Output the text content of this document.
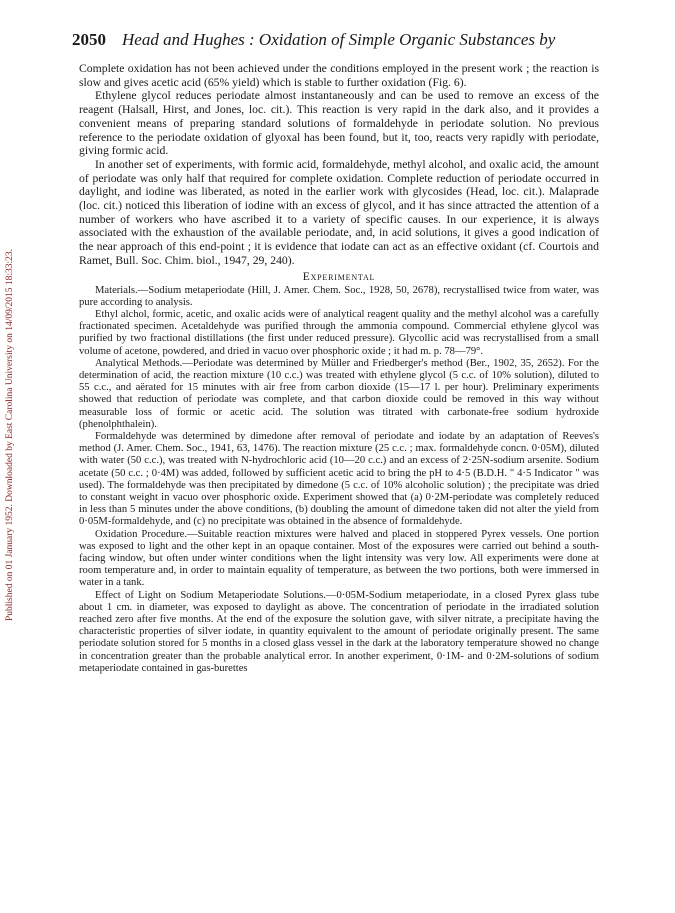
Published on 01 January 1952. Downloaded by East Carolina University on 14/09/2015 18:33:23.
2050 Head and Hughes : Oxidation of Simple Organic Substances by

Complete oxidation has not been achieved under the conditions employed in the present work ; the reaction is slow and gives acetic acid (65% yield) which is stable to further oxidation (Fig. 6).

Ethylene glycol reduces periodate almost instantaneously and can be used to remove an excess of the reagent (Halsall, Hirst, and Jones, loc. cit.). This reaction is very rapid in the dark also, and it provides a convenient means of preparing standard solutions of formaldehyde in periodate solution. No previous reference to the periodate oxidation of glyoxal has been found, but it, too, reacts very rapidly with periodate, giving formic acid.

In another set of experiments, with formic acid, formaldehyde, methyl alcohol, and oxalic acid, the amount of periodate was only half that required for complete oxidation. Complete reduction of periodate occurred in daylight, and iodine was liberated, as noted in the earlier work with glycosides (Head, loc. cit.). Malaprade (loc. cit.) noticed this liberation of iodine with an excess of glycol, and it has since attracted the attention of a number of workers who have ascribed it to a variety of specific causes. In our experience, it is always associated with the exhaustion of the available periodate, and, in acid solutions, it gives a good indication of the near approach of this end-point ; it is evidence that iodate can act as an effective oxidant (cf. Courtois and Ramet, Bull. Soc. Chim. biol., 1947, 29, 240).

Experimental

Materials.—Sodium metaperiodate (Hill, J. Amer. Chem. Soc., 1928, 50, 2678), recrystallised twice from water, was pure according to analysis.

Ethyl alchol, formic, acetic, and oxalic acids were of analytical reagent quality and the methyl alcohol was a carefully fractionated specimen. Acetaldehyde was purified through the ammonia compound. Commercial ethylene glycol was purified by two fractional distillations (the first under reduced pressure). Glycollic acid was recrystallised from a small volume of acetone, powdered, and dried in vacuo over phosphoric oxide ; it had m. p. 78—79°.

Analytical Methods.—Periodate was determined by Müller and Friedberger's method (Ber., 1902, 35, 2652). For the determination of acid, the reaction mixture (10 c.c.) was treated with ethylene glycol (5 c.c. of 10% solution), diluted to 55 c.c., and aërated for 15 minutes with air free from carbon dioxide (15—17 l. per hour). Preliminary experiments showed that reduction of periodate was complete, and that carbon dioxide could be removed in this way without measurable loss of formic or acetic acid. The solution was titrated with carbonate-free sodium hydroxide (phenolphthalein).

Formaldehyde was determined by dimedone after removal of periodate and iodate by an adaptation of Reeves's method (J. Amer. Chem. Soc., 1941, 63, 1476). The reaction mixture (25 c.c. ; max. formaldehyde concn. 0·05M), diluted with water (50 c.c.), was treated with N-hydrochloric acid (10—20 c.c.) and an excess of 2·25N-sodium arsenite. Sodium acetate (50 c.c. ; 0·4M) was added, followed by sufficient acetic acid to bring the pH to 4·5 (B.D.H. " 4·5 Indicator " was used). The formaldehyde was then precipitated by dimedone (5 c.c. of 10% alcoholic solution) ; the precipitate was dried to constant weight in vacuo over phosphoric oxide. Experiment showed that (a) 0·2M-periodate was completely reduced in less than 5 minutes under the above conditions, (b) doubling the amount of dimedone taken did not alter the yield from 0·05M-formaldehyde, and (c) no precipitate was obtained in the absence of formaldehyde.

Oxidation Procedure.—Suitable reaction mixtures were halved and placed in stoppered Pyrex vessels. One portion was exposed to light and the other kept in an opaque container. Most of the exposures were carried out behind a south-facing window, but often under winter conditions when the light intensity was very low. All experiments were done at room temperature and, in order to maintain equality of temperature, as between the two portions, both were immersed in water in a tank.

Effect of Light on Sodium Metaperiodate Solutions.—0·05M-Sodium metaperiodate, in a closed Pyrex glass tube about 1 cm. in diameter, was exposed to daylight as above. The concentration of periodate in the irradiated solution reached zero after five months. At the end of the exposure the solution gave, with silver nitrate, a precipitate having the characteristic properties of silver iodate, in quantity equivalent to the amount of periodate originally present. The same periodate solution stored for 5 months in a closed glass vessel in the dark at the laboratory temperature showed no change in concentration greater than the probable analytical error. In another experiment, 0·1M- and 0·2M-solutions of sodium metaperiodate contained in gas-burettes
